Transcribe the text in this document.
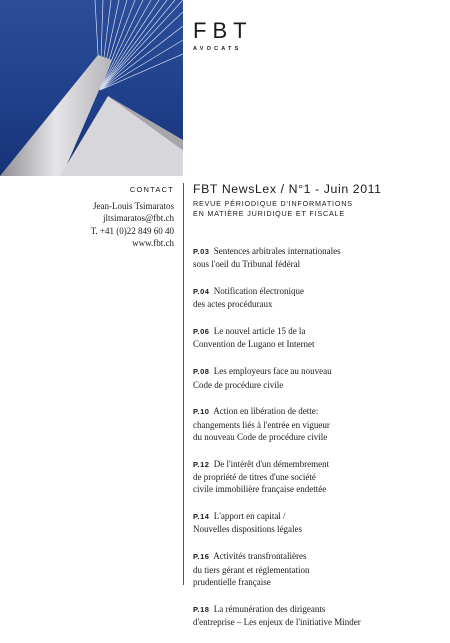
FBT
AVOCATS
CONTACT
Jean-Louis Tsimaratos
jltsimaratos@fbt.ch
T. +41 (0)22 849 60 40
www.fbt.ch
FBT NewsLex / N°1 - Juin 2011
REVUE PÉRIODIQUE D'INFORMATIONS
EN MATIÈRE JURIDIQUE ET FISCALE
P.03 Sentences arbitrales internationales
sous l'oeil du Tribunal fédéral
P.04 Notification électronique
des actes procéduraux
P.06 Le nouvel article 15 de la
Convention de Lugano et Internet
P.08 Les employeurs face au nouveau
Code de procédure civile
P.10 Action en libération de dette:
changements liés à l'entrée en vigueur
du nouveau Code de procédure civile
P.12 De l'intérêt d'un démembrement
de propriété de titres d'une société
civile immobilière française endettée
P.14 L'apport en capital /
Nouvelles dispositions légales
P.16 Activités transfrontalières
du tiers gérant et réglementation
prudentielle française
P.18 La rémunération des dirigeants
d'entreprise – Les enjeux de l'initiative Minder
